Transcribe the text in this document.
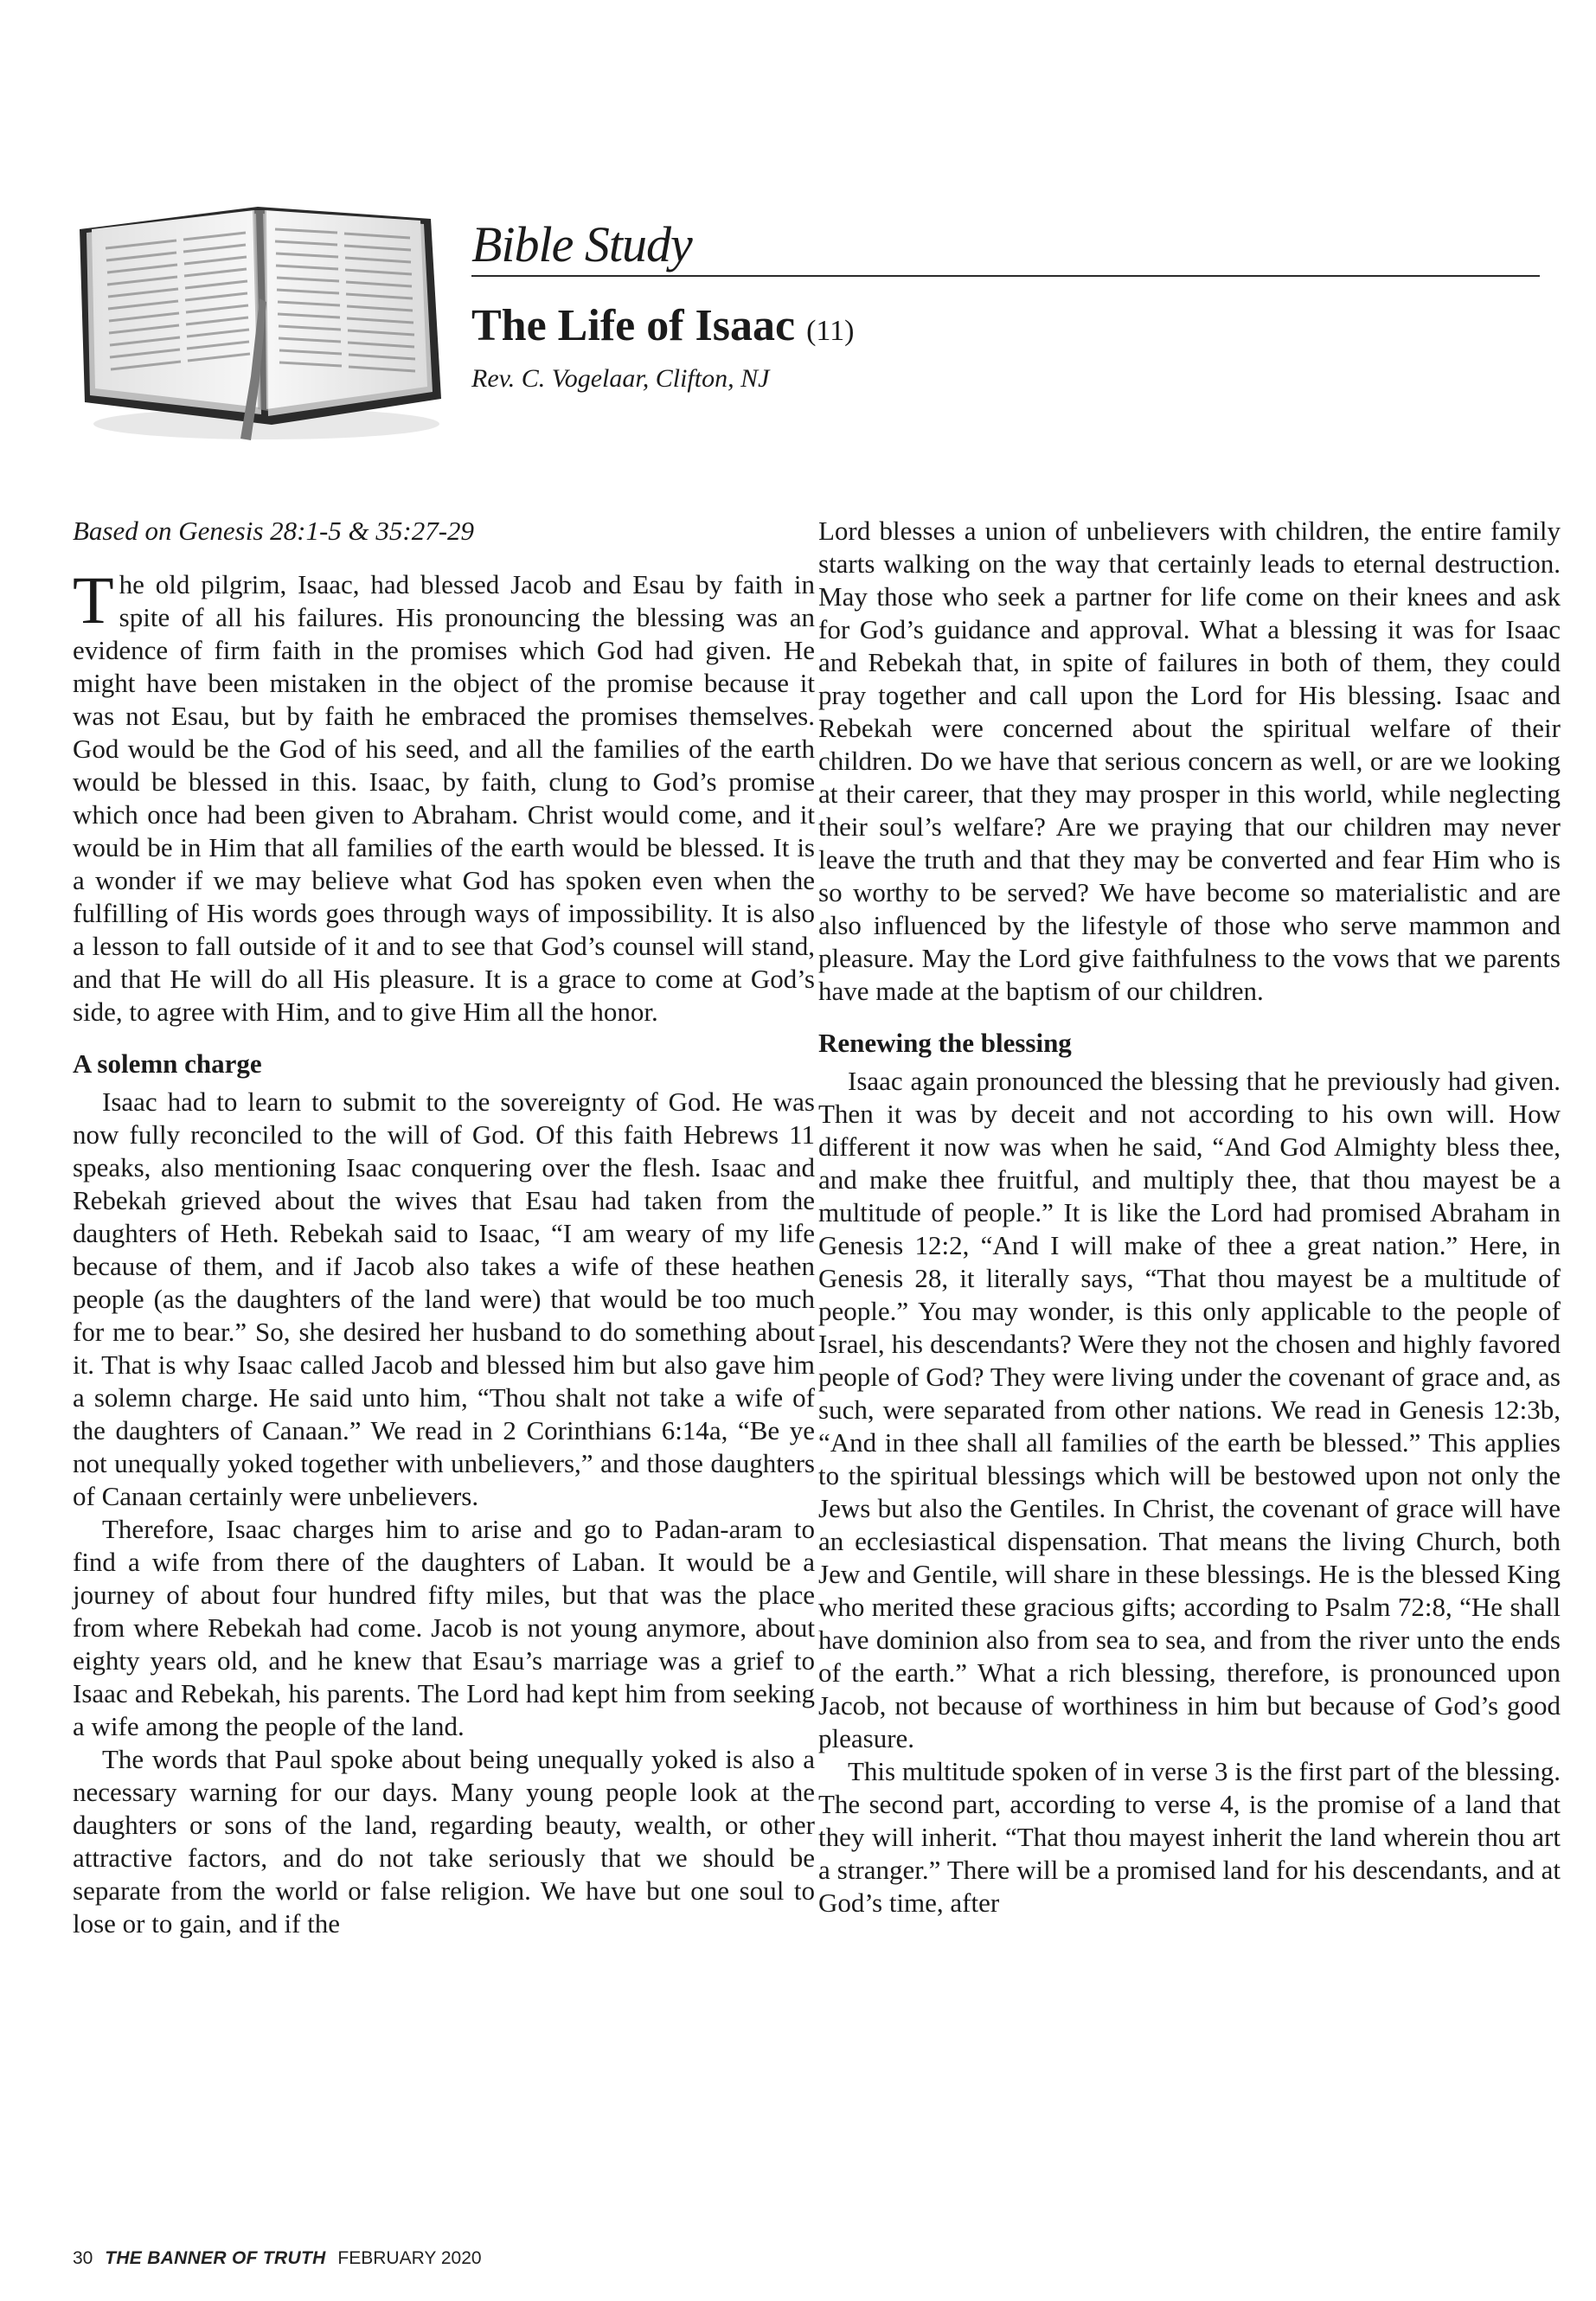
Bible Study
The Life of Isaac (11)
Rev. C. Vogelaar, Clifton, NJ

Based on Genesis 28:1-5 & 35:27-29

The old pilgrim, Isaac, had blessed Jacob and Esau by faith in spite of all his failures. His pronouncing the blessing was an evidence of firm faith in the promises which God had given. He might have been mistaken in the object of the promise because it was not Esau, but by faith he embraced the promises themselves. God would be the God of his seed, and all the families of the earth would be blessed in this. Isaac, by faith, clung to God’s promise which once had been given to Abraham. Christ would come, and it would be in Him that all families of the earth would be blessed. It is a wonder if we may believe what God has spoken even when the fulfilling of His words goes through ways of impossibility. It is also a lesson to fall outside of it and to see that God’s counsel will stand, and that He will do all His pleasure. It is a grace to come at God’s side, to agree with Him, and to give Him all the honor.

A solemn charge

Isaac had to learn to submit to the sovereignty of God. He was now fully reconciled to the will of God. Of this faith Hebrews 11 speaks, also mentioning Isaac conquering over the flesh. Isaac and Rebekah grieved about the wives that Esau had taken from the daughters of Heth. Rebekah said to Isaac, “I am weary of my life because of them, and if Jacob also takes a wife of these heathen people (as the daughters of the land were) that would be too much for me to bear.” So, she desired her husband to do something about it. That is why Isaac called Jacob and blessed him but also gave him a solemn charge. He said unto him, “Thou shalt not take a wife of the daughters of Canaan.” We read in 2 Corinthians 6:14a, “Be ye not unequally yoked together with unbelievers,” and those daughters of Canaan certainly were unbelievers.

Therefore, Isaac charges him to arise and go to Padan-aram to find a wife from there of the daughters of Laban. It would be a journey of about four hundred fifty miles, but that was the place from where Rebekah had come. Jacob is not young anymore, about eighty years old, and he knew that Esau’s marriage was a grief to Isaac and Rebekah, his parents. The Lord had kept him from seeking a wife among the people of the land.

The words that Paul spoke about being unequally yoked is also a necessary warning for our days. Many young people look at the daughters or sons of the land, regarding beauty, wealth, or other attractive factors, and do not take seriously that we should be separate from the world or false religion. We have but one soul to lose or to gain, and if the

Lord blesses a union of unbelievers with children, the entire family starts walking on the way that certainly leads to eternal destruction. May those who seek a partner for life come on their knees and ask for God’s guidance and approval. What a blessing it was for Isaac and Rebekah that, in spite of failures in both of them, they could pray together and call upon the Lord for His blessing. Isaac and Rebekah were concerned about the spiritual welfare of their children. Do we have that serious concern as well, or are we looking at their career, that they may prosper in this world, while neglecting their soul’s welfare? Are we praying that our children may never leave the truth and that they may be converted and fear Him who is so worthy to be served? We have become so materialistic and are also influenced by the lifestyle of those who serve mammon and pleasure. May the Lord give faithfulness to the vows that we parents have made at the baptism of our children.

Renewing the blessing

Isaac again pronounced the blessing that he previously had given. Then it was by deceit and not according to his own will. How different it now was when he said, “And God Almighty bless thee, and make thee fruitful, and multiply thee, that thou mayest be a multitude of people.” It is like the Lord had promised Abraham in Genesis 12:2, “And I will make of thee a great nation.” Here, in Genesis 28, it literally says, “That thou mayest be a multitude of people.” You may wonder, is this only applicable to the people of Israel, his descendants? Were they not the chosen and highly favored people of God? They were living under the covenant of grace and, as such, were separated from other nations. We read in Genesis 12:3b, “And in thee shall all families of the earth be blessed.” This applies to the spiritual blessings which will be bestowed upon not only the Jews but also the Gentiles. In Christ, the covenant of grace will have an ecclesiastical dispensation. That means the living Church, both Jew and Gentile, will share in these blessings. He is the blessed King who merited these gracious gifts; according to Psalm 72:8, “He shall have dominion also from sea to sea, and from the river unto the ends of the earth.” What a rich blessing, therefore, is pronounced upon Jacob, not because of worthiness in him but because of God’s good pleasure.

This multitude spoken of in verse 3 is the first part of the blessing. The second part, according to verse 4, is the promise of a land that they will inherit. “That thou mayest inherit the land wherein thou art a stranger.” There will be a promised land for his descendants, and at God’s time, after

30 THE BANNER OF TRUTH FEBRUARY 2020
